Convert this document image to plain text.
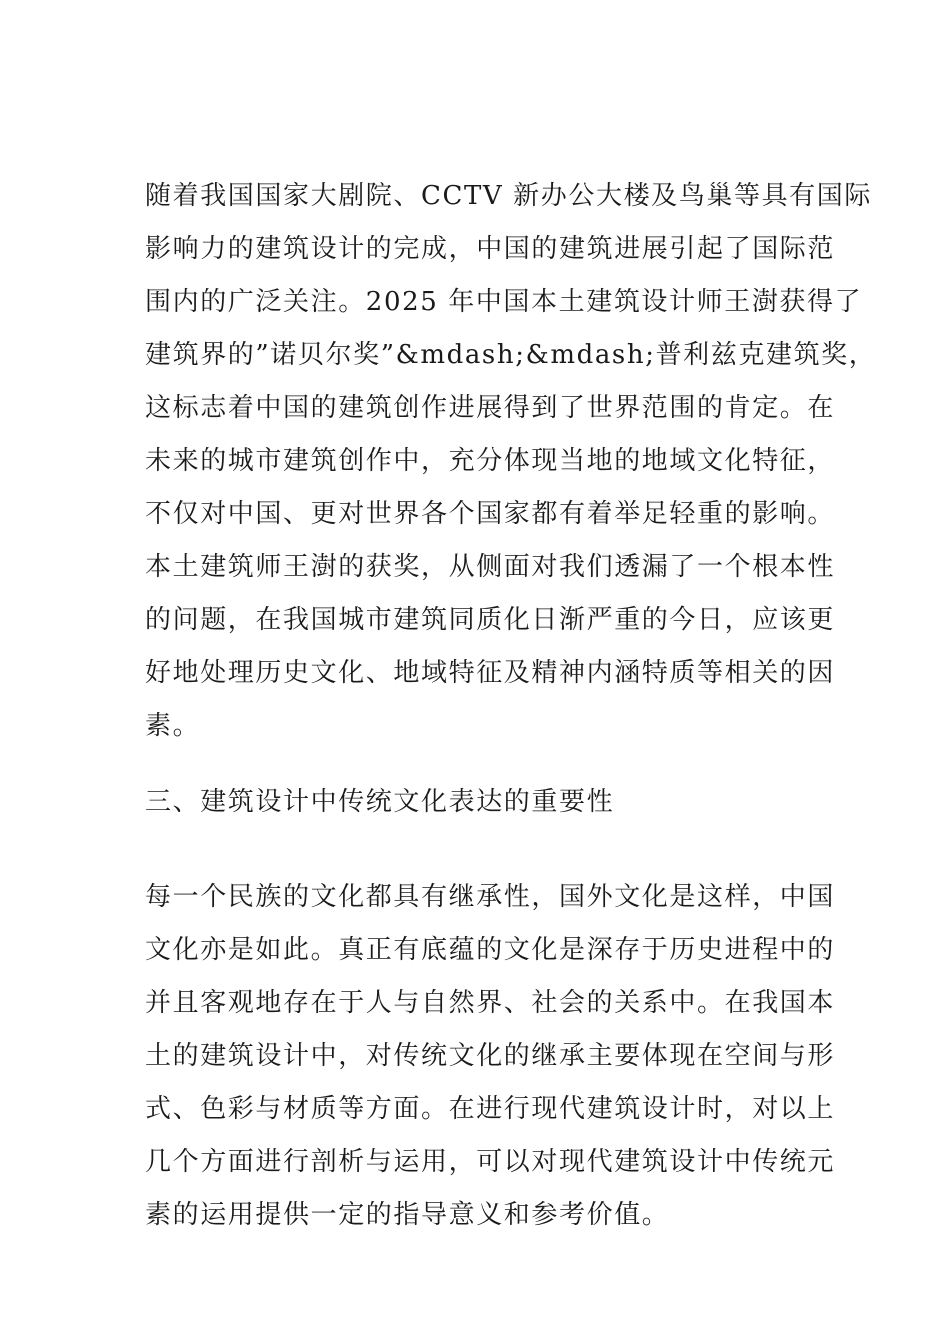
随着我国国家大剧院、CCTV 新办公大楼及鸟巢等具有国际
影响力的建筑设计的完成，中国的建筑进展引起了国际范
围内的广泛关注。2025 年中国本土建筑设计师王澍获得了
建筑界的”诺贝尔奖”&mdash;&mdash;普利兹克建筑奖，
这标志着中国的建筑创作进展得到了世界范围的肯定。在
未来的城市建筑创作中，充分体现当地的地域文化特征，
不仅对中国、更对世界各个国家都有着举足轻重的影响。
本土建筑师王澍的获奖，从侧面对我们透漏了一个根本性
的问题，在我国城市建筑同质化日渐严重的今日，应该更
好地处理历史文化、地域特征及精神内涵特质等相关的因
素。
三、建筑设计中传统文化表达的重要性
每一个民族的文化都具有继承性，国外文化是这样，中国
文化亦是如此。真正有底蕴的文化是深存于历史进程中的
并且客观地存在于人与自然界、社会的关系中。在我国本
土的建筑设计中，对传统文化的继承主要体现在空间与形
式、色彩与材质等方面。在进行现代建筑设计时，对以上
几个方面进行剖析与运用，可以对现代建筑设计中传统元
素的运用提供一定的指导意义和参考价值。
